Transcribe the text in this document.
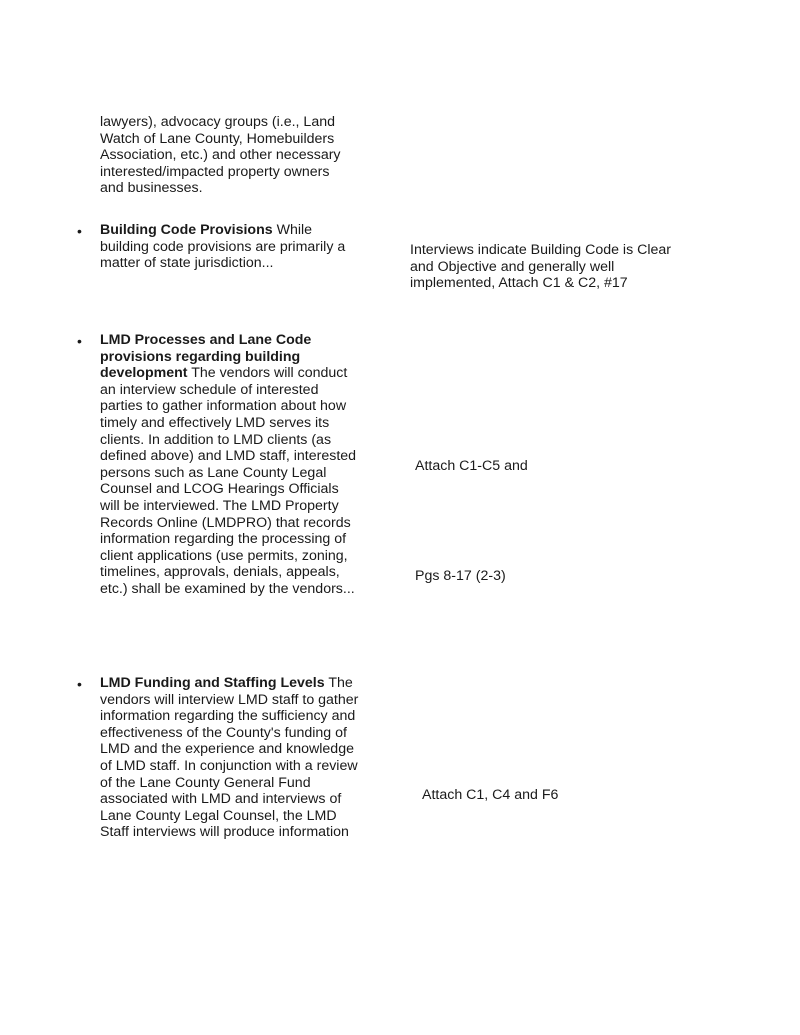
lawyers), advocacy groups (i.e., Land
Watch of Lane County, Homebuilders
Association, etc.) and other necessary
interested/impacted property owners
and businesses.

• Building Code Provisions While
building code provisions are primarily a
matter of state jurisdiction...

Interviews indicate Building Code is Clear
and Objective and generally well
implemented, Attach C1 & C2, #17

• LMD Processes and Lane Code
provisions regarding building
development The vendors will conduct
an interview schedule of interested
parties to gather information about how
timely and effectively LMD serves its
clients. In addition to LMD clients (as
defined above) and LMD staff, interested
persons such as Lane County Legal
Counsel and LCOG Hearings Officials
will be interviewed. The LMD Property
Records Online (LMDPRO) that records
information regarding the processing of
client applications (use permits, zoning,
timelines, approvals, denials, appeals,
etc.) shall be examined by the vendors...

Attach C1-C5 and

Pgs 8-17 (2-3)

• LMD Funding and Staffing Levels The
vendors will interview LMD staff to gather
information regarding the sufficiency and
effectiveness of the County's funding of
LMD and the experience and knowledge
of LMD staff. In conjunction with a review
of the Lane County General Fund
associated with LMD and interviews of
Lane County Legal Counsel, the LMD
Staff interviews will produce information

Attach C1, C4 and F6
